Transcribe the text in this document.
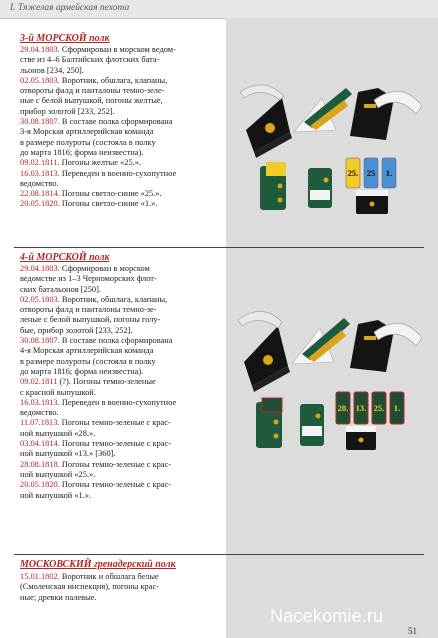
I. Тяжелая армейская пехота
3-й МОРСКОЙ полк

29.04.1803. Сформирован в морском ведом-
стве из 4–6 Балтийских флотских бата-
льонов [234, 250].

02.05.1803. Воротник, обшлага, клапаны,
отвороты фалд и панталоны темно-зеле-
ные с белой выпушкой, погоны желтые,
прибор золотой [233, 252].

30.08.1807. В составе полка сформирована
3-я Морская артиллерийская команда
в размере полуроты (состояла в полку
до марта 1816; форма неизвестна).

09.02.1811. Погоны желтые «25.».

16.03.1813. Переведен в военно-сухопутное
ведомство.

22.08.1814. Погоны светло-синие «25.».

20.05.1820. Погоны светло-синие «1.».

25. 25 1.
4-й МОРСКОЙ полк

29.04.1803. Сформирован в морском
ведомстве из 1–3 Черноморских флот-
ских батальонов [250].

02.05.1803. Воротник, обшлага, клапаны,
отвороты фалд и панталоны темно-зе-
леные с белой выпушкой, погоны голу-
бые, прибор золотой [233, 252].

30.08.1807. В составе полка сформирована
4-я Морская артиллерийская команда
в размере полуроты (состояла в полку
до марта 1816; форма неизвестна).

09.02.1811 (?). Погоны темно-зеленые
с красной выпушкой.

16.03.1813. Переведен в военно-сухопутное
ведомство.

11.07.1813. Погоны темно-зеленые с крас-
ной выпушкой «28.».

03.04.1814. Погоны темно-зеленые с крас-
ной выпушкой «13.» [360].

28.08.1818. Погоны темно-зеленые с крас-
ной выпушкой «25.».

20.05.1820. Погоны темно-зеленые с крас-
ной выпушкой «1.».

28. 13. 25. 1.
МОСКОВСКИЙ гренадерский полк

15.01.1802. Воротник и обшлага белые
(Смоленская инспекция), погоны крас-
ные; древки палевые.

Nacekomie.ru
51
